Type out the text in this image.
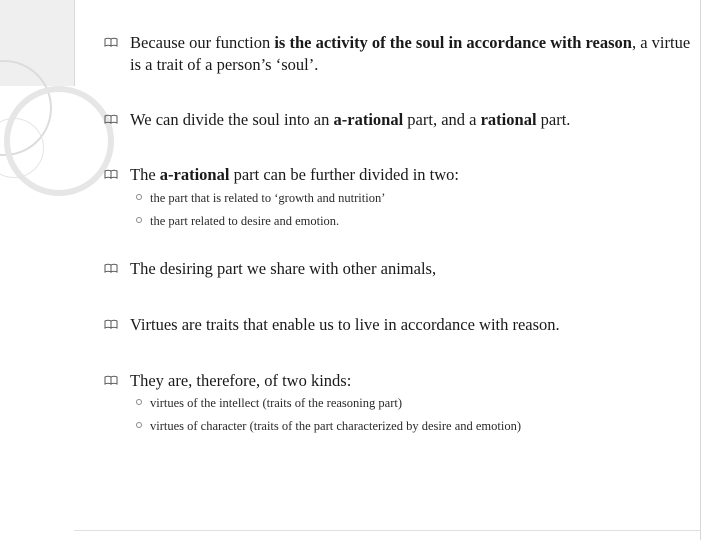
Because our function is the activity of the soul in accordance with reason, a virtue is a trait of a person’s ‘soul’.
We can divide the soul into an a-rational part, and a rational part.
The a-rational part can be further divided in two:
the part that is related to ‘growth and nutrition’
the part related to desire and emotion.
The desiring part we share with other animals,
Virtues are traits that enable us to live in accordance with reason.
They are, therefore, of two kinds:
virtues of the intellect (traits of the reasoning part)
virtues of character (traits of the part characterized by desire and emotion)
